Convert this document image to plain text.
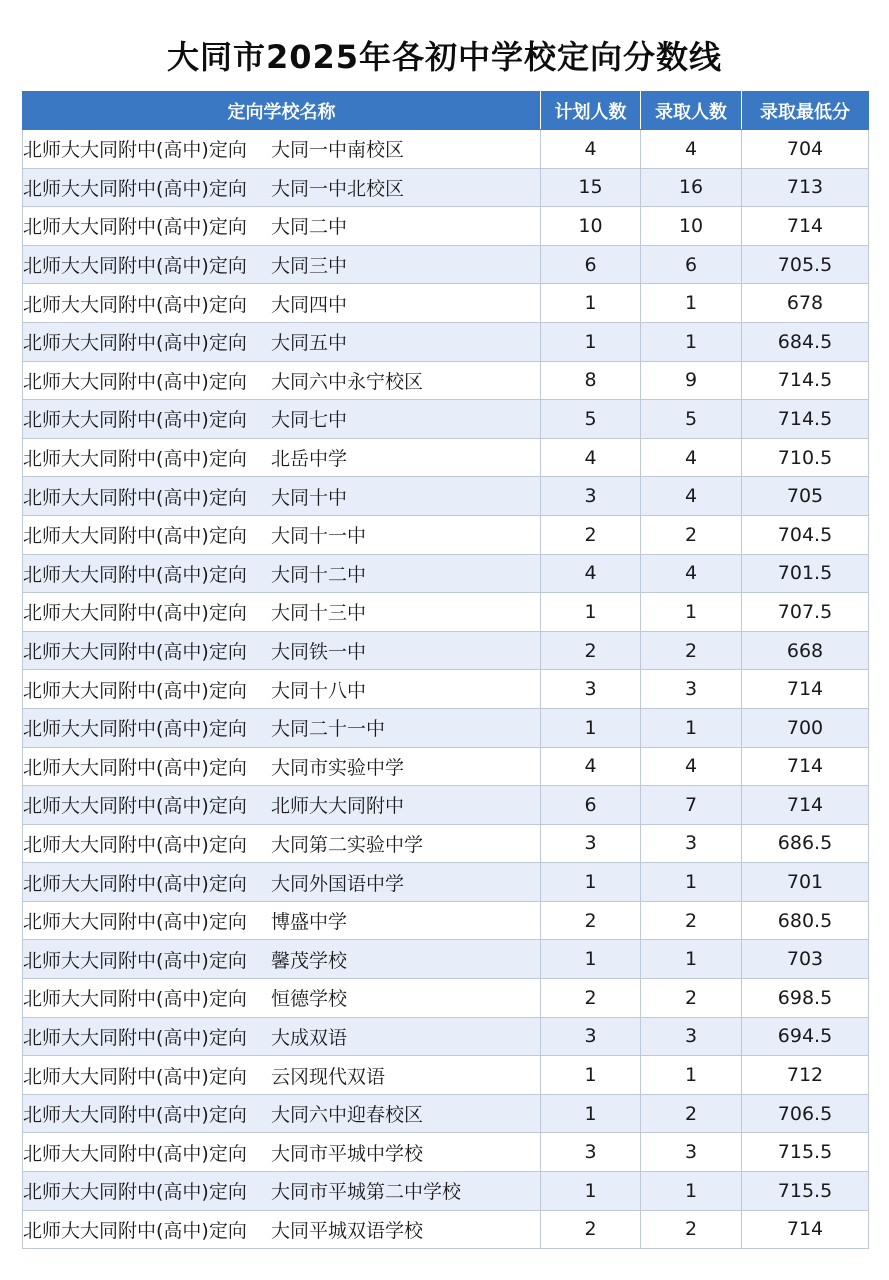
大同市2025年各初中学校定向分数线
定向学校名称	计划人数	录取人数	录取最低分
北师大大同附中(高中)定向 大同一中南校区	4	4	704
北师大大同附中(高中)定向 大同一中北校区	15	16	713
北师大大同附中(高中)定向 大同二中	10	10	714
北师大大同附中(高中)定向 大同三中	6	6	705.5
北师大大同附中(高中)定向 大同四中	1	1	678
北师大大同附中(高中)定向 大同五中	1	1	684.5
北师大大同附中(高中)定向 大同六中永宁校区	8	9	714.5
北师大大同附中(高中)定向 大同七中	5	5	714.5
北师大大同附中(高中)定向 北岳中学	4	4	710.5
北师大大同附中(高中)定向 大同十中	3	4	705
北师大大同附中(高中)定向 大同十一中	2	2	704.5
北师大大同附中(高中)定向 大同十二中	4	4	701.5
北师大大同附中(高中)定向 大同十三中	1	1	707.5
北师大大同附中(高中)定向 大同铁一中	2	2	668
北师大大同附中(高中)定向 大同十八中	3	3	714
北师大大同附中(高中)定向 大同二十一中	1	1	700
北师大大同附中(高中)定向 大同市实验中学	4	4	714
北师大大同附中(高中)定向 北师大大同附中	6	7	714
北师大大同附中(高中)定向 大同第二实验中学	3	3	686.5
北师大大同附中(高中)定向 大同外国语中学	1	1	701
北师大大同附中(高中)定向 博盛中学	2	2	680.5
北师大大同附中(高中)定向 馨茂学校	1	1	703
北师大大同附中(高中)定向 恒德学校	2	2	698.5
北师大大同附中(高中)定向 大成双语	3	3	694.5
北师大大同附中(高中)定向 云冈现代双语	1	1	712
北师大大同附中(高中)定向 大同六中迎春校区	1	2	706.5
北师大大同附中(高中)定向 大同市平城中学校	3	3	715.5
北师大大同附中(高中)定向 大同市平城第二中学校	1	1	715.5
北师大大同附中(高中)定向 大同平城双语学校	2	2	714
